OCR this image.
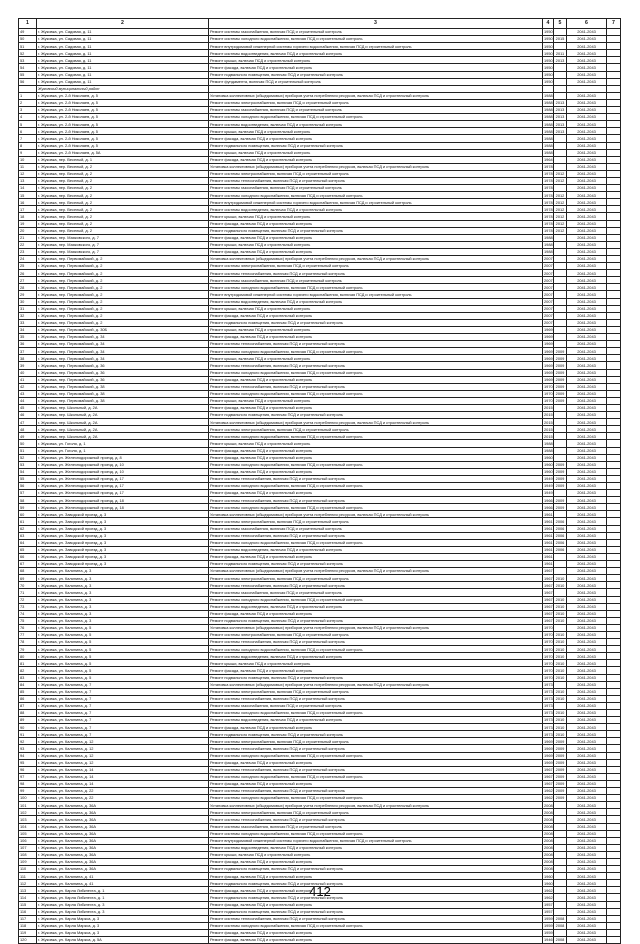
1	2	3	4	5	6	7
49	г. Жуковка, ул. Садовая, д. 11	Ремонт системы газоснабжения, включая ПСД и строительный контроль	1950		2041-2043	
50	г. Жуковка, ул. Садовая, д. 11	Ремонт системы холодного водоснабжения, включая ПСД и строительный контроль	1950	2015	2041-2043	
51	г. Жуковка, ул. Садовая, д. 11	Ремонт внутридомовой инженерной системы горячего водоснабжения, включая ПСД и строительный контроль	1950		2041-2043	
52	г. Жуковка, ул. Садовая, д. 11	Ремонт системы водоотведения, включая ПСД и строительный контроль	1950	2011	2041-2043	
53	г. Жуковка, ул. Садовая, д. 11	Ремонт крыши, включая ПСД и строительный контроль	1950	2013	2041-2043	
54	г. Жуковка, ул. Садовая, д. 11	Ремонт фасада, включая ПСД и строительный контроль	1950		2041-2043	
55	г. Жуковка, ул. Садовая, д. 11	Ремонт подвального помещения, включая ПСД и строительный контроль	1950		2041-2043	
56	г. Жуковка, ул. Садовая, д. 11	Ремонт фундамента, включая ПСД и строительный контроль	1950		2041-2043	
	Жуковский муниципальный район					
1	г. Жуковка, ул. 2-й Николаев, д. 5	Установка коллективных (общедомовых) приборов учета потребления ресурсов, включая ПСД и строительный контроль	1988		2041-2043	
2	г. Жуковка, ул. 2-й Николаев, д. 5	Ремонт системы электроснабжения, включая ПСД и строительный контроль	1988	2013	2041-2043	
3	г. Жуковка, ул. 2-й Николаев, д. 5	Ремонт системы газоснабжения, включая ПСД и строительный контроль	1988	2013	2041-2043	
4	г. Жуковка, ул. 2-й Николаев, д. 5	Ремонт системы холодного водоснабжения, включая ПСД и строительный контроль	1988	2013	2041-2043	
5	г. Жуковка, ул. 2-й Николаев, д. 5	Ремонт системы водоотведения, включая ПСД и строительный контроль	1988	2013	2041-2043	
6	г. Жуковка, ул. 2-й Николаев, д. 5	Ремонт крыши, включая ПСД и строительный контроль	1988	2013	2041-2043	
7	г. Жуковка, ул. 2-й Николаев, д. 5	Ремонт фасада, включая ПСД и строительный контроль	1988		2041-2043	
8	г. Жуковка, ул. 2-й Николаев, д. 5	Ремонт подвального помещения, включая ПСД и строительный контроль	1988		2041-2043	
9	г. Жуковка, ул. 2-й Николаев, д. 5А	Ремонт крыши, включая ПСД и строительный контроль	1988		2041-2043	
10	г. Жуковка, пер. Веселый, д. 1	Ремонт фасада, включая ПСД и строительный контроль	1964		2041-2043	
11	г. Жуковка, пер. Веселый, д. 2	Установка коллективных (общедомовых) приборов учета потребления ресурсов, включая ПСД и строительный контроль	1978		2041-2043	
12	г. Жуковка, пер. Веселый, д. 2	Ремонт системы электроснабжения, включая ПСД и строительный контроль	1978	2012	2041-2043	
13	г. Жуковка, пер. Веселый, д. 2	Ремонт системы теплоснабжения, включая ПСД и строительный контроль	1978	2012	2041-2043	
14	г. Жуковка, пер. Веселый, д. 2	Ремонт системы газоснабжения, включая ПСД и строительный контроль	1978		2041-2043	
15	г. Жуковка, пер. Веселый, д. 2	Ремонт системы холодного водоснабжения, включая ПСД и строительный контроль	1978	2012	2041-2043	
16	г. Жуковка, пер. Веселый, д. 2	Ремонт внутридомовой инженерной системы горячего водоснабжения, включая ПСД и строительный контроль	1978	2012	2041-2043	
17	г. Жуковка, пер. Веселый, д. 2	Ремонт системы водоотведения, включая ПСД и строительный контроль	1978	2012	2041-2043	
18	г. Жуковка, пер. Веселый, д. 2	Ремонт крыши, включая ПСД и строительный контроль	1978	2012	2041-2043	
19	г. Жуковка, пер. Веселый, д. 2	Ремонт фасада, включая ПСД и строительный контроль	1978	2012	2041-2043	
20	г. Жуковка, пер. Веселый, д. 2	Ремонт подвального помещения, включая ПСД и строительный контроль	1978	2012	2041-2043	
21	г. Жуковка, пер. Маяковского, д. 7	Ремонт фасада, включая ПСД и строительный контроль	1988		2041-2043	
22	г. Жуковка, пер. Маяковского, д. 7	Ремонт крыши, включая ПСД и строительный контроль	1988		2041-2043	
23	г. Жуковка, пер. Маяковского, д. 7	Ремонт фасада, включая ПСД и строительный контроль	1988		2041-2043	
24	г. Жуковка, пер. Первомайский, д. 2	Установка коллективных (общедомовых) приборов учета потребления ресурсов, включая ПСД и строительный контроль	2007		2041-2043	
25	г. Жуковка, пер. Первомайский, д. 2	Ремонт системы электроснабжения, включая ПСД и строительный контроль	2007		2041-2043	
26	г. Жуковка, пер. Первомайский, д. 2	Ремонт системы теплоснабжения, включая ПСД и строительный контроль	2007		2041-2043	
27	г. Жуковка, пер. Первомайский, д. 2	Ремонт системы газоснабжения, включая ПСД и строительный контроль	2007		2041-2043	
28	г. Жуковка, пер. Первомайский, д. 2	Ремонт системы холодного водоснабжения, включая ПСД и строительный контроль	2007		2041-2043	
29	г. Жуковка, пер. Первомайский, д. 2	Ремонт внутридомовой инженерной системы горячего водоснабжения, включая ПСД и строительный контроль	2007		2041-2043	
30	г. Жуковка, пер. Первомайский, д. 2	Ремонт системы водоотведения, включая ПСД и строительный контроль	2007		2041-2043	
31	г. Жуковка, пер. Первомайский, д. 2	Ремонт крыши, включая ПСД и строительный контроль	2007		2041-2043	
32	г. Жуковка, пер. Первомайский, д. 2	Ремонт фасада, включая ПСД и строительный контроль	2007		2041-2043	
33	г. Жуковка, пер. Первомайский, д. 2	Ремонт подвального помещения, включая ПСД и строительный контроль	2007		2041-2043	
34	г. Жуковка, пер. Первомайский, д. 30Б	Ремонт крыши, включая ПСД и строительный контроль	1969		2041-2043	
35	г. Жуковка, пер. Первомайский, д. 34	Ремонт фасада, включая ПСД и строительный контроль	1969		2041-2043	
36	г. Жуковка, пер. Первомайский, д. 34	Ремонт системы теплоснабжения, включая ПСД и строительный контроль	1969		2041-2043	
37	г. Жуковка, пер. Первомайский, д. 34	Ремонт системы холодного водоснабжения, включая ПСД и строительный контроль	1969	2009	2041-2043	
38	г. Жуковка, пер. Первомайский, д. 34	Ремонт крыши, включая ПСД и строительный контроль	1969	2009	2041-2043	
39	г. Жуковка, пер. Первомайский, д. 36	Ремонт системы теплоснабжения, включая ПСД и строительный контроль	1969	2009	2041-2043	
40	г. Жуковка, пер. Первомайский, д. 36	Ремонт системы холодного водоснабжения, включая ПСД и строительный контроль	1969	2009	2041-2043	
41	г. Жуковка, пер. Первомайский, д. 36	Ремонт фасада, включая ПСД и строительный контроль	1969	2009	2041-2043	
42	г. Жуковка, пер. Первомайский, д. 38	Ремонт системы теплоснабжения, включая ПСД и строительный контроль	1970	2009	2041-2043	
43	г. Жуковка, пер. Первомайский, д. 38	Ремонт системы холодного водоснабжения, включая ПСД и строительный контроль	1970	2009	2041-2043	
44	г. Жуковка, пер. Первомайский, д. 38	Ремонт крыши, включая ПСД и строительный контроль	1970	2009	2041-2043	
45	г. Жуковка, пер. Школьный, д. 2А	Ремонт фасада, включая ПСД и строительный контроль	2015		2041-2043	
46	г. Жуковка, пер. Школьный, д. 2А	Ремонт подвального помещения, включая ПСД и строительный контроль	2015		2041-2043	
47	г. Жуковка, пер. Школьный, д. 2А	Установка коллективных (общедомовых) приборов учета потребления ресурсов, включая ПСД и строительный контроль	2015		2041-2043	
48	г. Жуковка, пер. Школьный, д. 2А	Ремонт системы электроснабжения, включая ПСД и строительный контроль	2015		2041-2043	
49	г. Жуковка, пер. Школьный, д. 2А	Ремонт системы холодного водоснабжения, включая ПСД и строительный контроль	2015		2041-2043	
50	г. Жуковка, ул. Гоголя, д. 1	Ремонт крыши, включая ПСД и строительный контроль	1988		2041-2043	
51	г. Жуковка, ул. Гоголя, д. 1	Ремонт фасада, включая ПСД и строительный контроль	1988		2041-2043	
52	г. Жуковка, ул. Железнодорожный проезд, д. 8	Ремонт фасада, включая ПСД и строительный контроль	1960		2041-2043	
53	г. Жуковка, ул. Железнодорожный проезд, д. 10	Ремонт системы холодного водоснабжения, включая ПСД и строительный контроль	1960	2009	2041-2043	
54	г. Жуковка, ул. Железнодорожный проезд, д. 10	Ремонт фасада, включая ПСД и строительный контроль	1960	2009	2041-2043	
55	г. Жуковка, ул. Железнодорожный проезд, д. 17	Ремонт системы теплоснабжения, включая ПСД и строительный контроль	1949	2009	2041-2043	
56	г. Жуковка, ул. Железнодорожный проезд, д. 17	Ремонт системы холодного водоснабжения, включая ПСД и строительный контроль	1949	2009	2041-2043	
57	г. Жуковка, ул. Железнодорожный проезд, д. 17	Ремонт фасада, включая ПСД и строительный контроль	1949		2041-2043	
58	г. Жуковка, ул. Железнодорожный проезд, д. 18	Ремонт системы теплоснабжения, включая ПСД и строительный контроль	1966	2009	2041-2043	
59	г. Жуковка, ул. Железнодорожный проезд, д. 18	Ремонт системы холодного водоснабжения, включая ПСД и строительный контроль	1966	2009	2041-2043	
60	г. Жуковка, ул. Заводской проезд, д. 3	Установка коллективных (общедомовых) приборов учета потребления ресурсов, включая ПСД и строительный контроль	1961		2041-2043	
61	г. Жуковка, ул. Заводской проезд, д. 3	Ремонт системы электроснабжения, включая ПСД и строительный контроль	1961	2006	2041-2043	
62	г. Жуковка, ул. Заводской проезд, д. 3	Ремонт системы газоснабжения, включая ПСД и строительный контроль	1961	2006	2041-2043	
63	г. Жуковка, ул. Заводской проезд, д. 3	Ремонт системы теплоснабжения, включая ПСД и строительный контроль	1961	2006	2041-2043	
64	г. Жуковка, ул. Заводской проезд, д. 3	Ремонт системы холодного водоснабжения, включая ПСД и строительный контроль	1961	2006	2041-2043	
65	г. Жуковка, ул. Заводской проезд, д. 3	Ремонт системы водоотведения, включая ПСД и строительный контроль	1961	2006	2041-2043	
66	г. Жуковка, ул. Заводской проезд, д. 3	Ремонт фасада, включая ПСД и строительный контроль	1961		2041-2043	
67	г. Жуковка, ул. Заводской проезд, д. 3	Ремонт подвального помещения, включая ПСД и строительный контроль	1961		2041-2043	
68	г. Жуковка, ул. Калинина, д. 3	Установка коллективных (общедомовых) приборов учета потребления ресурсов, включая ПСД и строительный контроль	1967		2041-2043	
69	г. Жуковка, ул. Калинина, д. 3	Ремонт системы электроснабжения, включая ПСД и строительный контроль	1967	2010	2041-2043	
70	г. Жуковка, ул. Калинина, д. 3	Ремонт системы теплоснабжения, включая ПСД и строительный контроль	1967	2010	2041-2043	
71	г. Жуковка, ул. Калинина, д. 3	Ремонт системы газоснабжения, включая ПСД и строительный контроль	1967		2041-2043	
72	г. Жуковка, ул. Калинина, д. 3	Ремонт системы холодного водоснабжения, включая ПСД и строительный контроль	1967	2010	2041-2043	
73	г. Жуковка, ул. Калинина, д. 3	Ремонт системы водоотведения, включая ПСД и строительный контроль	1967	2010	2041-2043	
74	г. Жуковка, ул. Калинина, д. 3	Ремонт фасада, включая ПСД и строительный контроль	1967	2010	2041-2043	
75	г. Жуковка, ул. Калинина, д. 3	Ремонт подвального помещения, включая ПСД и строительный контроль	1967	2010	2041-2043	
76	г. Жуковка, ул. Калинина, д. 5	Установка коллективных (общедомовых) приборов учета потребления ресурсов, включая ПСД и строительный контроль	1970		2041-2043	
77	г. Жуковка, ул. Калинина, д. 5	Ремонт системы электроснабжения, включая ПСД и строительный контроль	1970	2010	2041-2043	
78	г. Жуковка, ул. Калинина, д. 5	Ремонт системы теплоснабжения, включая ПСД и строительный контроль	1970	2010	2041-2043	
79	г. Жуковка, ул. Калинина, д. 5	Ремонт системы холодного водоснабжения, включая ПСД и строительный контроль	1970	2010	2041-2043	
80	г. Жуковка, ул. Калинина, д. 5	Ремонт системы водоотведения, включая ПСД и строительный контроль	1970	2010	2041-2043	
81	г. Жуковка, ул. Калинина, д. 5	Ремонт крыши, включая ПСД и строительный контроль	1970	2010	2041-2043	
82	г. Жуковка, ул. Калинина, д. 5	Ремонт фасада, включая ПСД и строительный контроль	1970	2010	2041-2043	
83	г. Жуковка, ул. Калинина, д. 5	Ремонт подвального помещения, включая ПСД и строительный контроль	1970	2010	2041-2043	
84	г. Жуковка, ул. Калинина, д. 7	Установка коллективных (общедомовых) приборов учета потребления ресурсов, включая ПСД и строительный контроль	1973		2041-2043	
85	г. Жуковка, ул. Калинина, д. 7	Ремонт системы электроснабжения, включая ПСД и строительный контроль	1973	2010	2041-2043	
86	г. Жуковка, ул. Калинина, д. 7	Ремонт системы теплоснабжения, включая ПСД и строительный контроль	1973	2010	2041-2043	
87	г. Жуковка, ул. Калинина, д. 7	Ремонт системы газоснабжения, включая ПСД и строительный контроль	1973		2041-2043	
88	г. Жуковка, ул. Калинина, д. 7	Ремонт системы холодного водоснабжения, включая ПСД и строительный контроль	1973	2010	2041-2043	
89	г. Жуковка, ул. Калинина, д. 7	Ремонт системы водоотведения, включая ПСД и строительный контроль	1973	2010	2041-2043	
90	г. Жуковка, ул. Калинина, д. 7	Ремонт фасада, включая ПСД и строительный контроль	1973	2010	2041-2043	
91	г. Жуковка, ул. Калинина, д. 7	Ремонт подвального помещения, включая ПСД и строительный контроль	1973	2010	2041-2043	
92	г. Жуковка, ул. Калинина, д. 12	Ремонт системы электроснабжения, включая ПСД и строительный контроль	1969	2009	2041-2043	
93	г. Жуковка, ул. Калинина, д. 12	Ремонт системы теплоснабжения, включая ПСД и строительный контроль	1969	2009	2041-2043	
94	г. Жуковка, ул. Калинина, д. 12	Ремонт системы холодного водоснабжения, включая ПСД и строительный контроль	1969	2009	2041-2043	
95	г. Жуковка, ул. Калинина, д. 12	Ремонт фасада, включая ПСД и строительный контроль	1969	2009	2041-2043	
96	г. Жуковка, ул. Калинина, д. 14	Ремонт системы теплоснабжения, включая ПСД и строительный контроль	1967	2009	2041-2043	
97	г. Жуковка, ул. Калинина, д. 14	Ремонт системы холодного водоснабжения, включая ПСД и строительный контроль	1967	2009	2041-2043	
98	г. Жуковка, ул. Калинина, д. 14	Ремонт фасада, включая ПСД и строительный контроль	1967	2009	2041-2043	
99	г. Жуковка, ул. Калинина, д. 22	Ремонт системы теплоснабжения, включая ПСД и строительный контроль	1962	2009	2041-2043	
100	г. Жуковка, ул. Калинина, д. 22	Ремонт системы холодного водоснабжения, включая ПСД и строительный контроль	1962	2009	2041-2043	
101	г. Жуковка, ул. Калинина, д. 36А	Установка коллективных (общедомовых) приборов учета потребления ресурсов, включая ПСД и строительный контроль	2008		2041-2043	
102	г. Жуковка, ул. Калинина, д. 36А	Ремонт системы электроснабжения, включая ПСД и строительный контроль	2008		2041-2043	
103	г. Жуковка, ул. Калинина, д. 36А	Ремонт системы теплоснабжения, включая ПСД и строительный контроль	2008		2041-2043	
104	г. Жуковка, ул. Калинина, д. 36А	Ремонт системы газоснабжения, включая ПСД и строительный контроль	2008		2041-2043	
105	г. Жуковка, ул. Калинина, д. 36А	Ремонт системы холодного водоснабжения, включая ПСД и строительный контроль	2008		2041-2043	
106	г. Жуковка, ул. Калинина, д. 36А	Ремонт внутридомовой инженерной системы горячего водоснабжения, включая ПСД и строительный контроль	2008		2041-2043	
107	г. Жуковка, ул. Калинина, д. 36А	Ремонт системы водоотведения, включая ПСД и строительный контроль	2008		2041-2043	
108	г. Жуковка, ул. Калинина, д. 36А	Ремонт крыши, включая ПСД и строительный контроль	2008		2041-2043	
109	г. Жуковка, ул. Калинина, д. 36А	Ремонт фасада, включая ПСД и строительный контроль	2008		2041-2043	
110	г. Жуковка, ул. Калинина, д. 36А	Ремонт подвального помещения, включая ПСД и строительный контроль	2008		2041-2043	
111	г. Жуковка, ул. Калинина, д. 41	Ремонт фасада, включая ПСД и строительный контроль	1960		2041-2043	
112	г. Жуковка, ул. Калинина, д. 41	Ремонт подвального помещения, включая ПСД и строительный контроль	1960		2041-2043	
113	г. Жуковка, ул. Карла Либкнехта, д. 1	Ремонт фасада, включая ПСД и строительный контроль	1962		2041-2043	
114	г. Жуковка, ул. Карла Либкнехта, д. 1	Ремонт подвального помещения, включая ПСД и строительный контроль	1962		2041-2043	
115	г. Жуковка, ул. Карла Либкнехта, д. 3	Ремонт фасада, включая ПСД и строительный контроль	1957		2041-2043	
116	г. Жуковка, ул. Карла Либкнехта, д. 3	Ремонт подвального помещения, включая ПСД и строительный контроль	1957		2041-2043	
117	г. Жуковка, ул. Карла Маркса, д. 3	Ремонт системы теплоснабжения, включая ПСД и строительный контроль	1959	2008	2041-2043	
118	г. Жуковка, ул. Карла Маркса, д. 3	Ремонт системы холодного водоснабжения, включая ПСД и строительный контроль	1959	2008	2041-2043	
119	г. Жуковка, ул. Карла Маркса, д. 3	Ремонт фасада, включая ПСД и строительный контроль	1959		2041-2043	
120	г. Жуковка, ул. Карла Маркса, д. 5А	Ремонт фасада, включая ПСД и строительный контроль	1946	2008	2041-2043	
412
